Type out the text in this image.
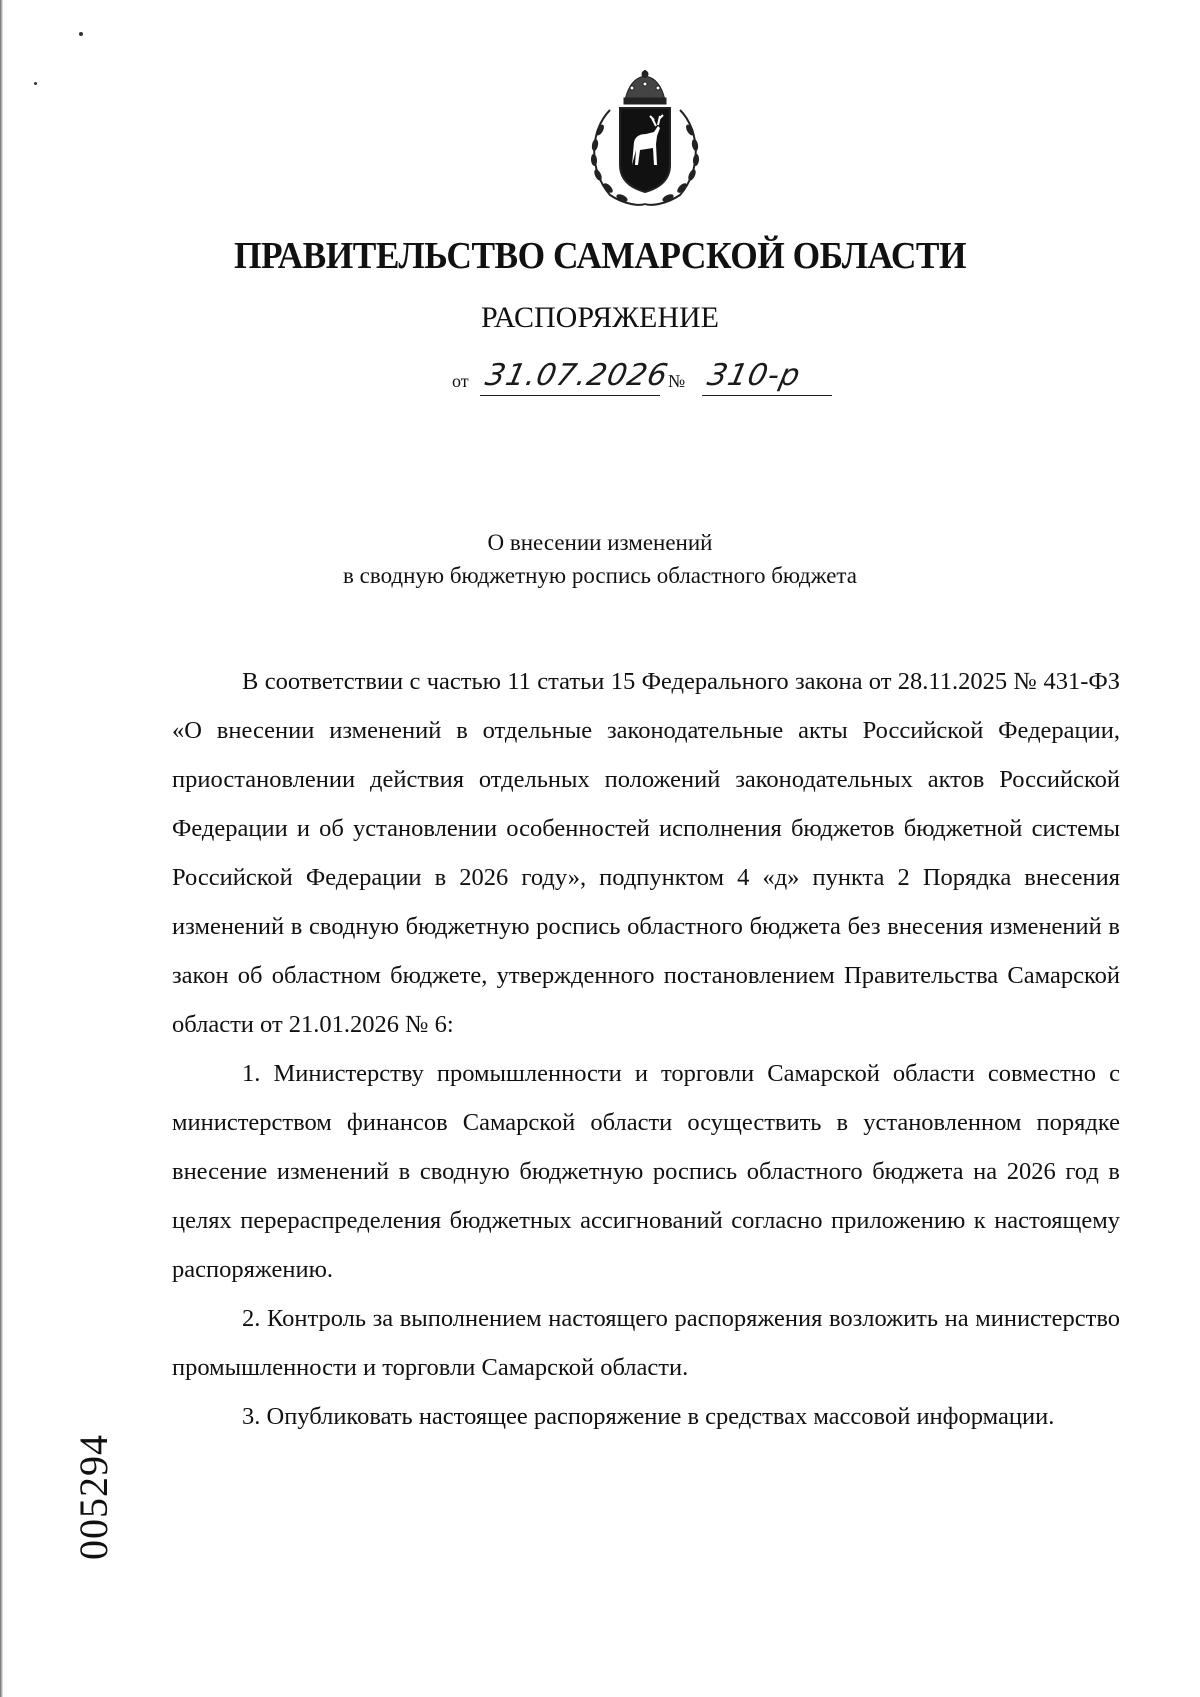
ПРАВИТЕЛЬСТВО САМАРСКОЙ ОБЛАСТИ
РАСПОРЯЖЕНИЕ
от 31.07.2026
№ 310-р
О внесении изменений
в сводную бюджетную роспись областного бюджета

В соответствии с частью 11 статьи 15 Федерального закона от 28.11.2025 № 431-ФЗ «О внесении изменений в отдельные законодательные акты Российской Федерации, приостановлении действия отдельных положений законодательных актов Российской Федерации и об установлении особенностей исполнения бюджетов бюджетной системы Российской Федерации в 2026 году», подпунктом 4 «д» пункта 2 Порядка внесения изменений в сводную бюджетную роспись областного бюджета без внесения изменений в закон об областном бюджете, утвержденного постановлением Правительства Самарской области от 21.01.2026 № 6:

1. Министерству промышленности и торговли Самарской области совместно с министерством финансов Самарской области осуществить в установленном порядке внесение изменений в сводную бюджетную роспись областного бюджета на 2026 год в целях перераспределения бюджетных ассигнований согласно приложению к настоящему распоряжению.

2. Контроль за выполнением настоящего распоряжения возложить на министерство промышленности и торговли Самарской области.

3. Опубликовать настоящее распоряжение в средствах массовой информации.

005294
